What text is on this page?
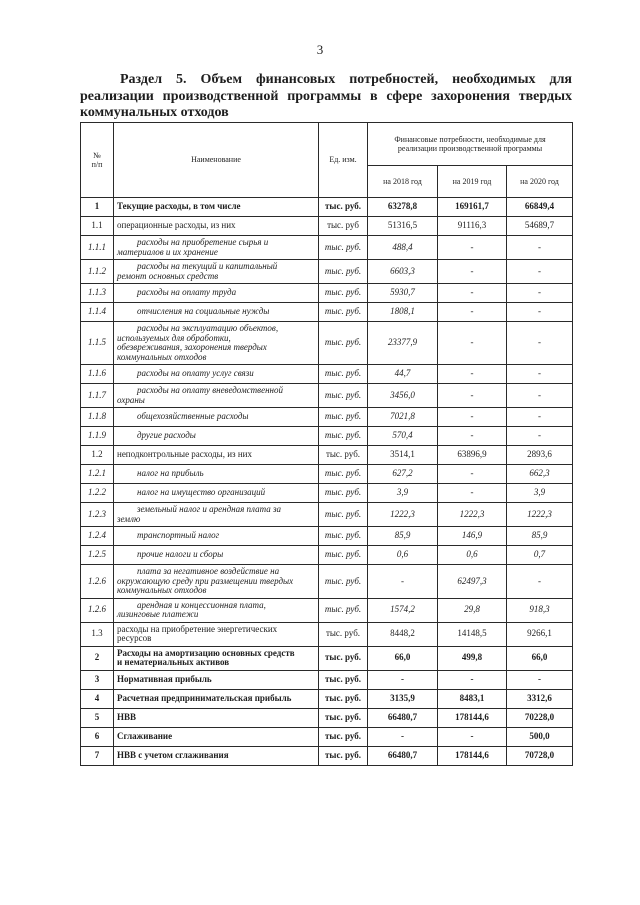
3
Раздел 5. Объем финансовых потребностей, необходимых для
реализации производственной программы в сфере захоронения твердых
коммунальных отходов
№
п/п	Наименование	Ед. изм.	Финансовые потребности, необходимые для
реализации производственной программы		
			на 2018 год	на 2019 год	на 2020 год
1	Текущие расходы, в том числе	тыс. руб.	63278,8	169161,7	66849,4
1.1	операционные расходы, из них	тыс. руб	51316,5	91116,3	54689,7
1.1.1	расходы на приобретение сырья и
материалов и их хранение	тыс. руб.	488,4	-	-
1.1.2	расходы на текущий и капитальный
ремонт основных средств	тыс. руб.	6603,3	-	-
1.1.3	расходы на оплату труда	тыс. руб.	5930,7	-	-
1.1.4	отчисления на социальные нужды	тыс. руб.	1808,1	-	-
1.1.5	расходы на эксплуатацию объектов,
используемых для обработки,
обезвреживания, захоронения твердых
коммунальных отходов	тыс. руб.	23377,9	-	-
1.1.6	расходы на оплату услуг связи	тыс. руб.	44,7	-	-
1.1.7	расходы на оплату вневедомственной
охраны	тыс. руб.	3456,0	-	-
1.1.8	общехозяйственные расходы	тыс. руб.	7021,8	-	-
1.1.9	другие расходы	тыс. руб.	570,4	-	-
1.2	неподконтрольные расходы, из них	тыс. руб.	3514,1	63896,9	2893,6
1.2.1	налог на прибыль	тыс. руб.	627,2	-	662,3
1.2.2	налог на имущество организаций	тыс. руб.	3,9	-	3,9
1.2.3	земельный налог и арендная плата за
землю	тыс. руб.	1222,3	1222,3	1222,3
1.2.4	транспортный налог	тыс. руб.	85,9	146,9	85,9
1.2.5	прочие налоги и сборы	тыс. руб.	0,6	0,6	0,7
1.2.6	плата за негативное воздействие на
окружающую среду при размещении твердых
коммунальных отходов	тыс. руб.	-	62497,3	-
1.2.6	арендная и концессионная плата,
лизинговые платежи	тыс. руб.	1574,2	29,8	918,3
1.3	расходы на приобретение энергетических
ресурсов	тыс. руб.	8448,2	14148,5	9266,1
2	Расходы на амортизацию основных средств
и нематериальных активов	тыс. руб.	66,0	499,8	66,0
3	Нормативная прибыль	тыс. руб.	-	-	-
4	Расчетная предпринимательская прибыль	тыс. руб.	3135,9	8483,1	3312,6
5	НВВ	тыс. руб.	66480,7	178144,6	70228,0
6	Сглаживание	тыс. руб.	-	-	500,0
7	НВВ с учетом сглаживания	тыс. руб.	66480,7	178144,6	70728,0
